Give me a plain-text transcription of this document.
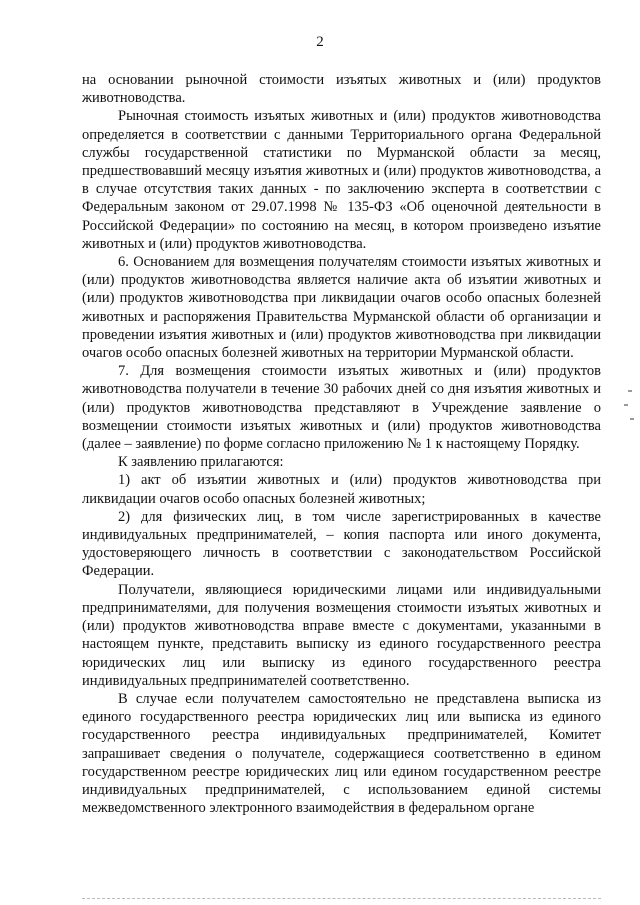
2

на основании рыночной стоимости изъятых животных и (или) продуктов животноводства.

Рыночная стоимость изъятых животных и (или) продуктов животноводства определяется в соответствии с данными Территориального органа Федеральной службы государственной статистики по Мурманской области за месяц, предшествовавший месяцу изъятия животных и (или) продуктов животноводства, а в случае отсутствия таких данных - по заключению эксперта в соответствии с Федеральным законом от 29.07.1998 № 135-ФЗ «Об оценочной деятельности в Российской Федерации» по состоянию на месяц, в котором произведено изъятие животных и (или) продуктов животноводства.

6. Основанием для возмещения получателям стоимости изъятых животных и (или) продуктов животноводства является наличие акта об изъятии животных и (или) продуктов животноводства при ликвидации очагов особо опасных болезней животных и распоряжения Правительства Мурманской области об организации и проведении изъятия животных и (или) продуктов животноводства при ликвидации очагов особо опасных болезней животных на территории Мурманской области.

7. Для возмещения стоимости изъятых животных и (или) продуктов животноводства получатели в течение 30 рабочих дней со дня изъятия животных и (или) продуктов животноводства представляют в Учреждение заявление о возмещении стоимости изъятых животных и (или) продуктов животноводства (далее – заявление) по форме согласно приложению № 1 к настоящему Порядку.

К заявлению прилагаются:

1) акт об изъятии животных и (или) продуктов животноводства при ликвидации очагов особо опасных болезней животных;

2) для физических лиц, в том числе зарегистрированных в качестве индивидуальных предпринимателей, – копия паспорта или иного документа, удостоверяющего личность в соответствии с законодательством Российской Федерации.

Получатели, являющиеся юридическими лицами или индивидуальными предпринимателями, для получения возмещения стоимости изъятых животных и (или) продуктов животноводства вправе вместе с документами, указанными в настоящем пункте, представить выписку из единого государственного реестра юридических лиц или выписку из единого государственного реестра индивидуальных предпринимателей соответственно.

В случае если получателем самостоятельно не представлена выписка из единого государственного реестра юридических лиц или выписка из единого государственного реестра индивидуальных предпринимателей, Комитет запрашивает сведения о получателе, содержащиеся соответственно в едином государственном реестре юридических лиц или едином государственном реестре индивидуальных предпринимателей, с использованием единой системы межведомственного электронного взаимодействия в федеральном органе
